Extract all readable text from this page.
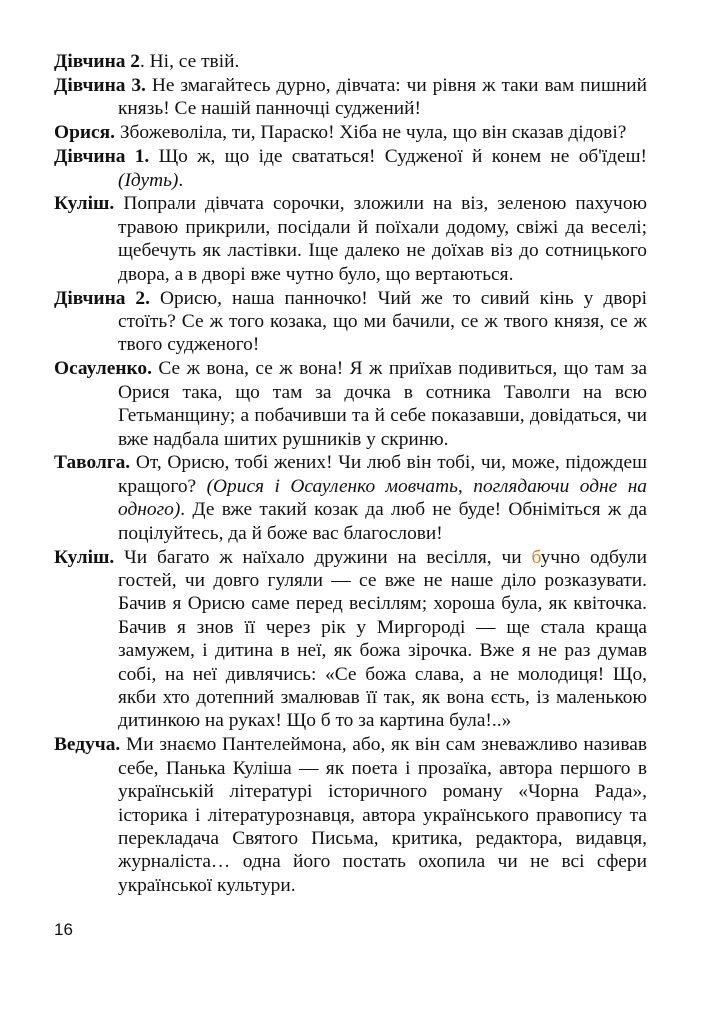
Дівчина 2. Ні, се твій.

Дівчина 3. Не змагайтесь дурно, дівчата: чи рівня ж таки вам пишний князь! Се нашій панночці суджений!

Орися. Збожеволіла, ти, Параско! Хіба не чула, що він сказав дідові?

Дівчина 1. Що ж, що іде свататься! Судженої й конем не об'їдеш! (Ідуть).

Куліш. Попрали дівчата сорочки, зложили на віз, зеленою пахучою травою прикрили, посідали й поїхали додому, свіжі да веселі; щебечуть як ластівки. Іще далеко не доїхав віз до сотницького двора, а в дворі вже чутно було, що вертаються.

Дівчина 2. Орисю, наша панночко! Чий же то сивий кінь у дворі стоїть? Се ж того козака, що ми бачили, се ж твого князя, се ж твого судженого!

Осауленко. Се ж вона, се ж вона! Я ж приїхав подивиться, що там за Орися така, що там за дочка в сотника Таволги на всю Гетьманщину; а побачивши та й себе показавши, довідаться, чи вже надбала шитих рушників у скриню.

Таволга. От, Орисю, тобі жених! Чи люб він тобі, чи, може, підождеш кращого? (Орися і Осауленко мовчать, поглядаючи одне на одного). Де вже такий козак да люб не буде! Обніміться ж да поцілуйтесь, да й боже вас благослови!

Куліш. Чи багато ж наїхало дружини на весілля, чи бучно одбули гостей, чи довго гуляли — се вже не наше діло розказувати. Бачив я Орисю саме перед весіллям; хороша була, як квіточка. Бачив я знов її через рік у Миргороді — ще стала краща замужем, і дитина в неї, як божа зірочка. Вже я не раз думав собі, на неї дивлячись: «Се божа слава, а не молодиця! Що, якби хто дотепний змалював її так, як вона єсть, із маленькою дитинкою на руках! Що б то за картина була!..»

Ведуча. Ми знаємо Пантелеймона, або, як він сам зневажливо називав себе, Панька Куліша — як поета і прозаїка, автора першого в українській літературі історичного роману «Чорна Рада», історика і літературознавця, автора українського правопису та перекладача Святого Письма, критика, редактора, видавця, журналіста… одна його постать охопила чи не всі сфери української культури.

16
